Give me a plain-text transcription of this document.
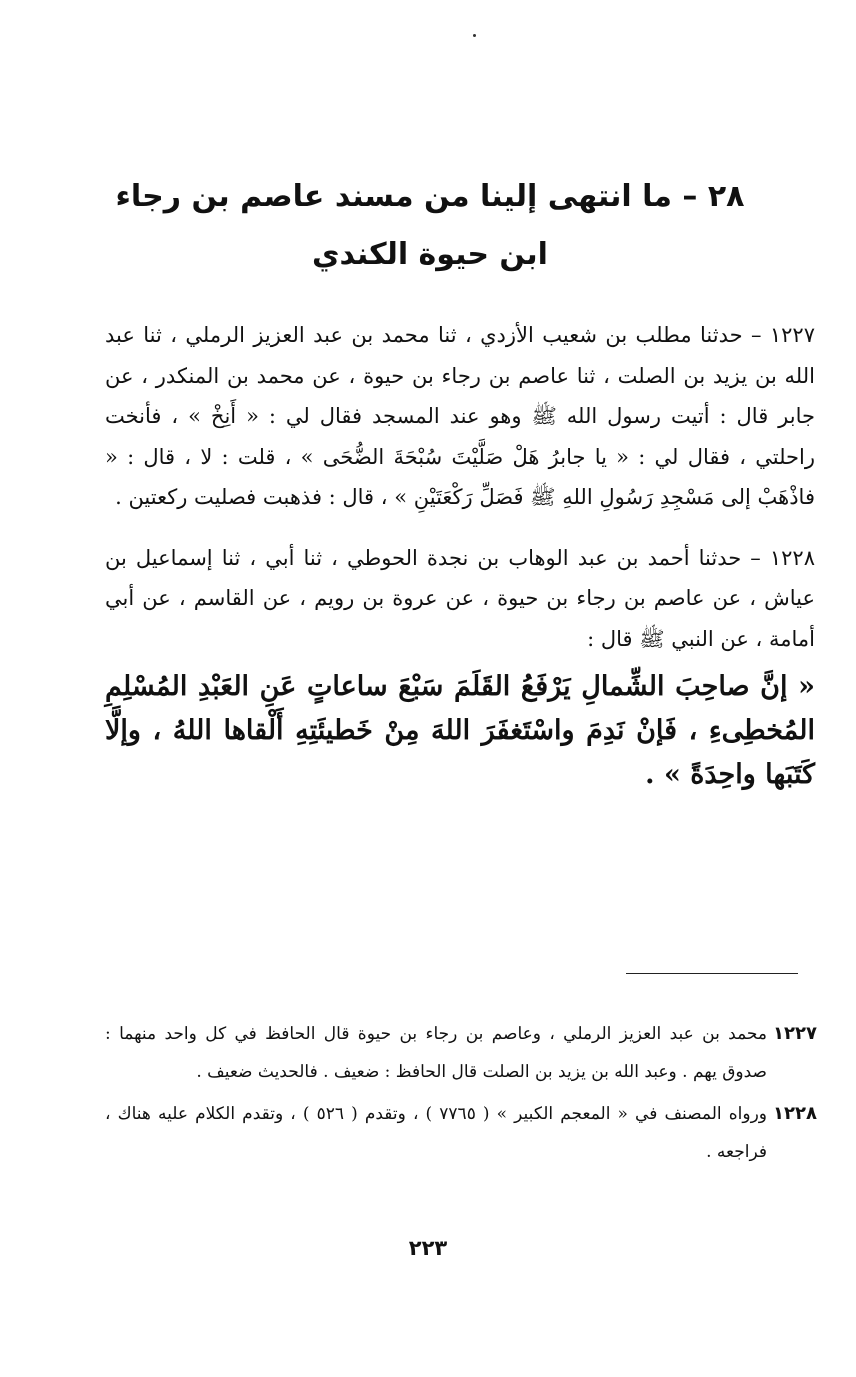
٢٨ – ما انتهى إلينا من مسند عاصم بن رجاء
ابن حيوة الكندي

١٢٢٧ – حدثنا مطلب بن شعيب الأزدي ، ثنا محمد بن عبد العزيز الرملي ، ثنا عبد الله بن يزيد بن الصلت ، ثنا عاصم بن رجاء بن حيوة ، عن محمد بن المنكدر ، عن جابر قال : أتيت رسول الله ﷺ وهو عند المسجد فقال لي : « أَنِخْ » ، فأنخت راحلتي ، فقال لي : « يا جابرُ هَلْ صَلَّيْتَ سُبْحَةَ الضُّحَى » ، قلت : لا ، قال : « فاذْهَبْ إلى مَسْجِدِ رَسُولِ اللهِ ﷺ فَصَلِّ رَكْعَتَيْنِ » ، قال : فذهبت فصليت ركعتين .

١٢٢٨ – حدثنا أحمد بن عبد الوهاب بن نجدة الحوطي ، ثنا أبي ، ثنا إسماعيل بن عياش ، عن عاصم بن رجاء بن حيوة ، عن عروة بن رويم ، عن القاسم ، عن أبي أمامة ، عن النبي ﷺ قال :

« إنَّ صاحِبَ الشِّمالِ يَرْفَعُ القَلَمَ سَبْعَ ساعاتٍ عَنِ العَبْدِ المُسْلِمِ المُخطِىءِ ، فَإنْ نَدِمَ واسْتَغفَرَ اللهَ مِنْ خَطيئَتِهِ أَلْقاها اللهُ ، وإلَّا كَتَبَها واحِدَةً » .

١٢٢٧
محمد بن عبد العزيز الرملي ، وعاصم بن رجاء بن حيوة قال الحافظ في كل واحد منهما : صدوق يهم . وعبد الله بن يزيد بن الصلت قال الحافظ : ضعيف . فالحديث ضعيف .
١٢٢٨
ورواه المصنف في « المعجم الكبير » ( ٧٧٦٥ ) ، وتقدم ( ٥٢٦ ) ، وتقدم الكلام عليه هناك ، فراجعه .
٢٢٣
